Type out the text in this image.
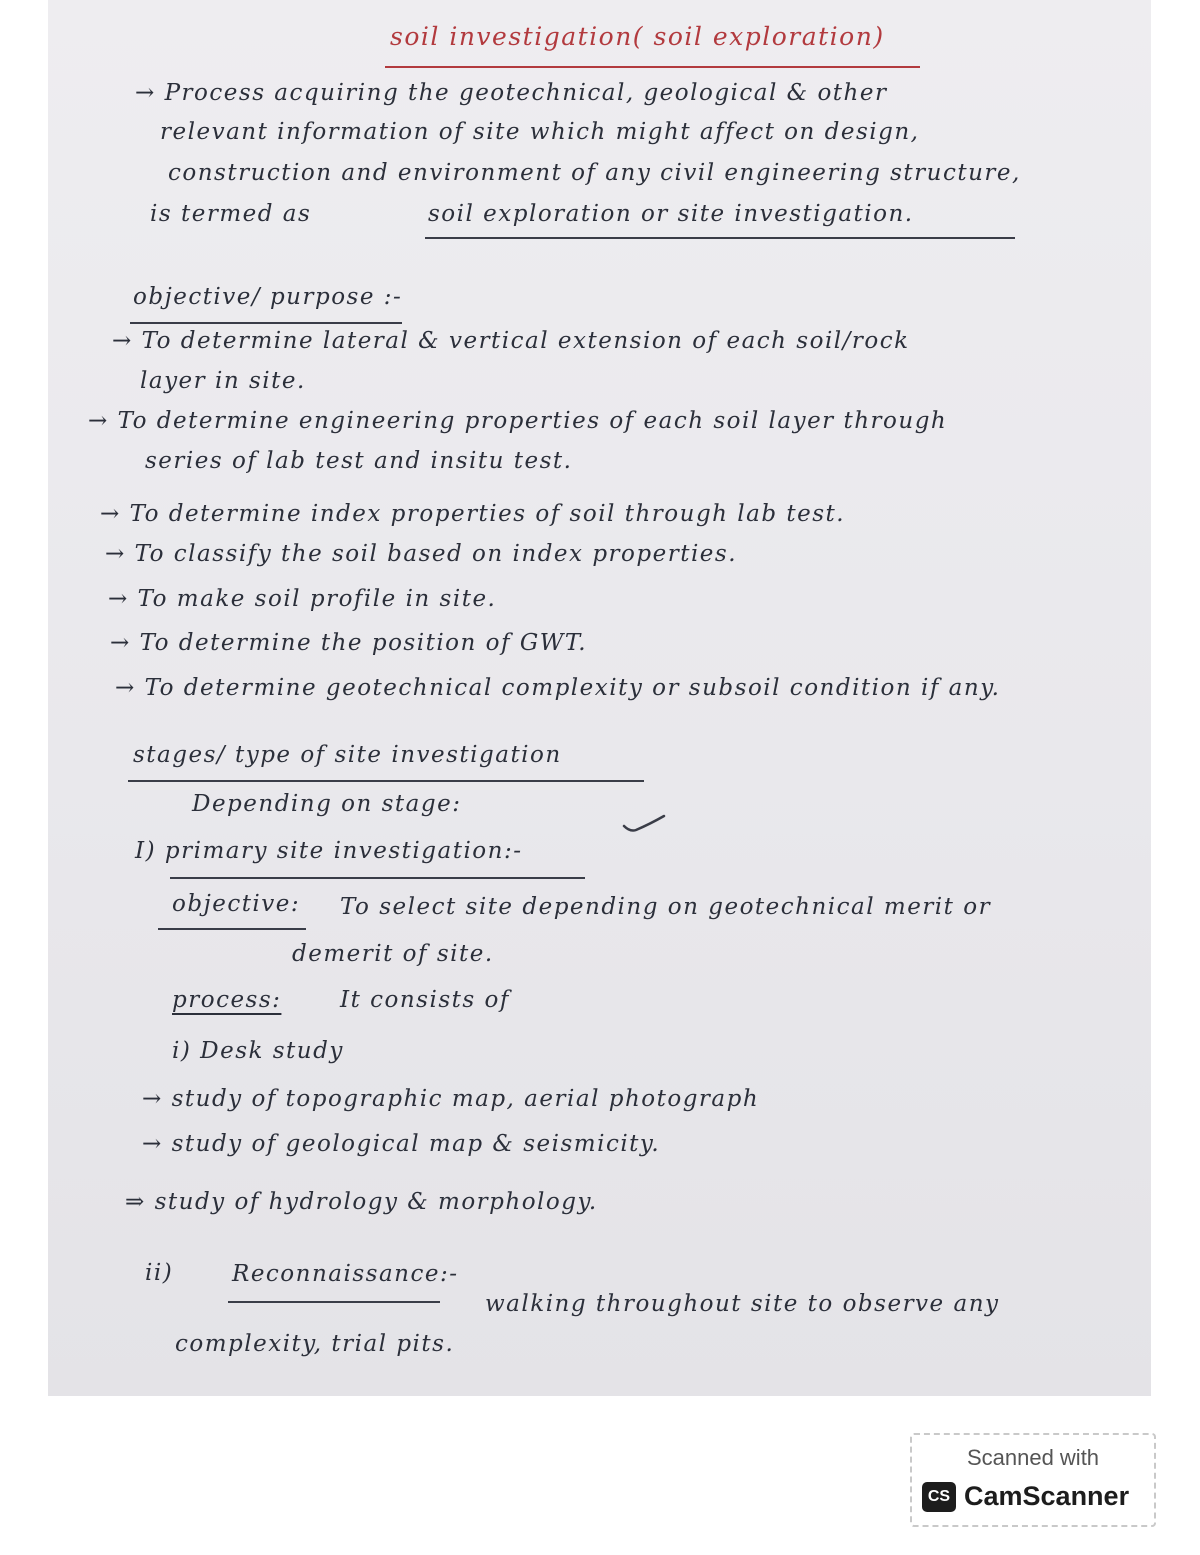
soil investigation( soil exploration)
→ Process acquiring the geotechnical, geological & other
relevant information of site which might affect on design,
construction and environment of any civil engineering structure,
is termed as	soil exploration or site investigation.
objective/ purpose :-
→ To determine lateral & vertical extension of each soil/rock
layer in site.
→ To determine engineering properties of each soil layer through
series of lab test and insitu test.
→ To determine index properties of soil through lab test.
→ To classify the soil based on index properties.
→ To make soil profile in site.
→ To determine the position of GWT.
→ To determine geotechnical complexity or subsoil condition if any.
stages/ type of site investigation
Depending on stage:
I) primary site investigation:-
objective: To select site depending on geotechnical merit or
demerit of site.
process:	It consists of
i) Desk study
→ study of topographic map, aerial photograph
→ study of geological map & seismicity.
⇒ study of hydrology & morphology.
ii)	Reconnaissance:-
walking throughout site to observe any
complexity, trial pits.
Scanned with
CS CamScanner
